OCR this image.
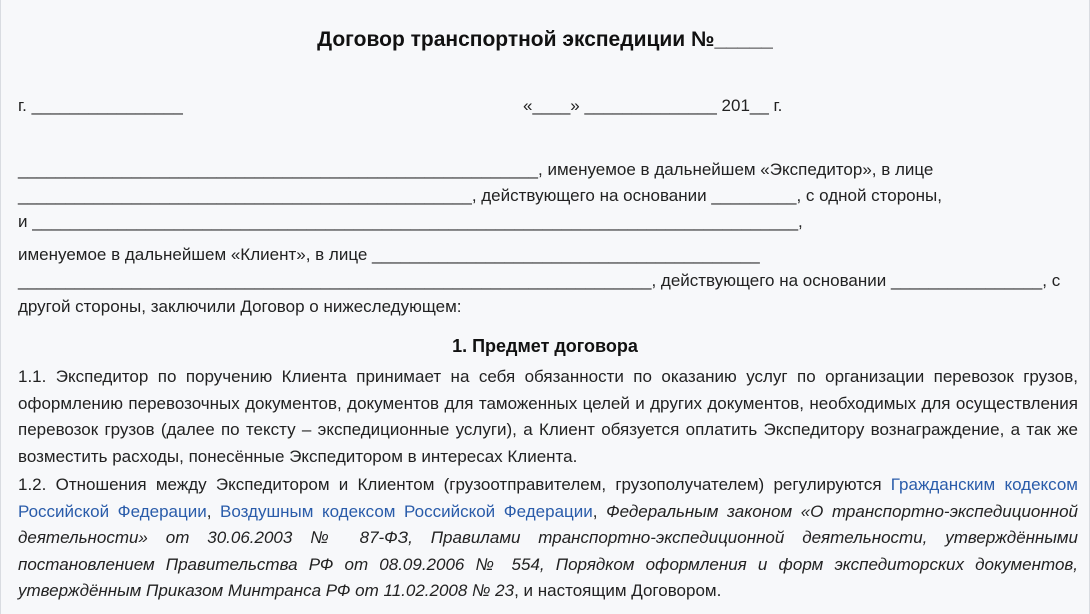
Договор транспортной экспедиции №_____
г. ________________	«____» ______________ 201__ г.
_______________________________________________________, именуемое в дальнейшем «Экспедитор», в лице
________________________________________________, действующего на основании _________, с одной стороны,
и _________________________________________________________________________________,
именуемое в дальнейшем «Клиент», в лице _________________________________________
___________________________________________________________________, действующего на основании ________________, с
другой стороны, заключили Договор о нижеследующем:
1. Предмет договора
1.1. Экспедитор по поручению Клиента принимает на себя обязанности по оказанию услуг по организации перевозок грузов, оформлению перевозочных документов, документов для таможенных целей и других документов, необходимых для осуществления перевозок грузов (далее по тексту – экспедиционные услуги), а Клиент обязуется оплатить Экспедитору вознаграждение, а так же возместить расходы, понесённые Экспедитором в интересах Клиента.
1.2. Отношения между Экспедитором и Клиентом (грузоотправителем, грузополучателем) регулируются Гражданским кодексом Российской Федерации, Воздушным кодексом Российской Федерации, Федеральным законом «О транспортно-экспедиционной деятельности» от 30.06.2003 № 87-ФЗ, Правилами транспортно-экспедиционной деятельности, утверждёнными постановлением Правительства РФ от 08.09.2006 № 554, Порядком оформления и форм экспедиторских документов, утверждённым Приказом Минтранса РФ от 11.02.2008 № 23, и настоящим Договором.
